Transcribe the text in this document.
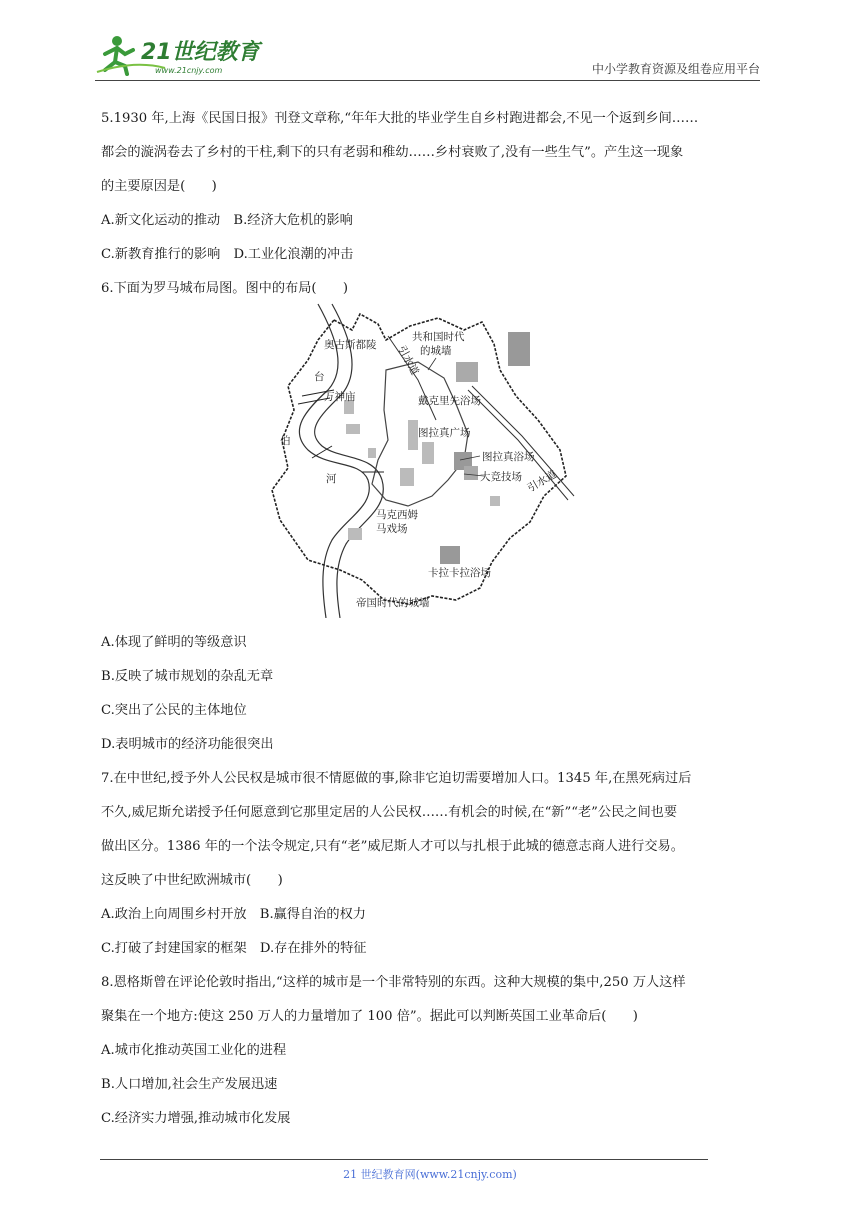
21世纪教育
www.21cnjy.com	中小学教育资源及组卷应用平台
5.1930 年,上海《民国日报》刊登文章称,“年年大批的毕业学生自乡村跑进都会,不见一个返到乡间……
都会的漩涡卷去了乡村的干柱,剩下的只有老弱和稚幼……乡村衰败了,没有一些生气”。产生这一现象
的主要原因是(　　)
A.新文化运动的推动　B.经济大危机的影响
C.新教育推行的影响　D.工业化浪潮的冲击
6.下面为罗马城布局图。图中的布局(　　)
A.体现了鲜明的等级意识
B.反映了城市规划的杂乱无章
C.突出了公民的主体地位
D.表明城市的经济功能很突出
7.在中世纪,授予外人公民权是城市很不情愿做的事,除非它迫切需要增加人口。1345 年,在黑死病过后
不久,威尼斯允诺授予任何愿意到它那里定居的人公民权……有机会的时候,在“新”“老”公民之间也要
做出区分。1386 年的一个法令规定,只有“老”威尼斯人才可以与扎根于此城的德意志商人进行交易。
这反映了中世纪欧洲城市(　　)
A.政治上向周围乡村开放　B.赢得自治的权力
C.打破了封建国家的框架　D.存在排外的特征
8.恩格斯曾在评论伦敦时指出,“这样的城市是一个非常特别的东西。这种大规模的集中,250 万人这样
聚集在一个地方:使这 250 万人的力量增加了 100 倍”。据此可以判断英国工业革命后(　　)
A.城市化推动英国工业化的进程
B.人口增加,社会生产发展迅速
C.经济实力增强,推动城市化发展
奥古斯都陵
共和国时代
的城墙
引水道
台
万神庙	戴克里先浴场
伯
图拉真广场
河
图拉真浴场
大竞技场 引水道
马克西姆
马戏场
卡拉卡拉浴场
帝国时代的城墙
21 世纪教育网(www.21cnjy.com)
